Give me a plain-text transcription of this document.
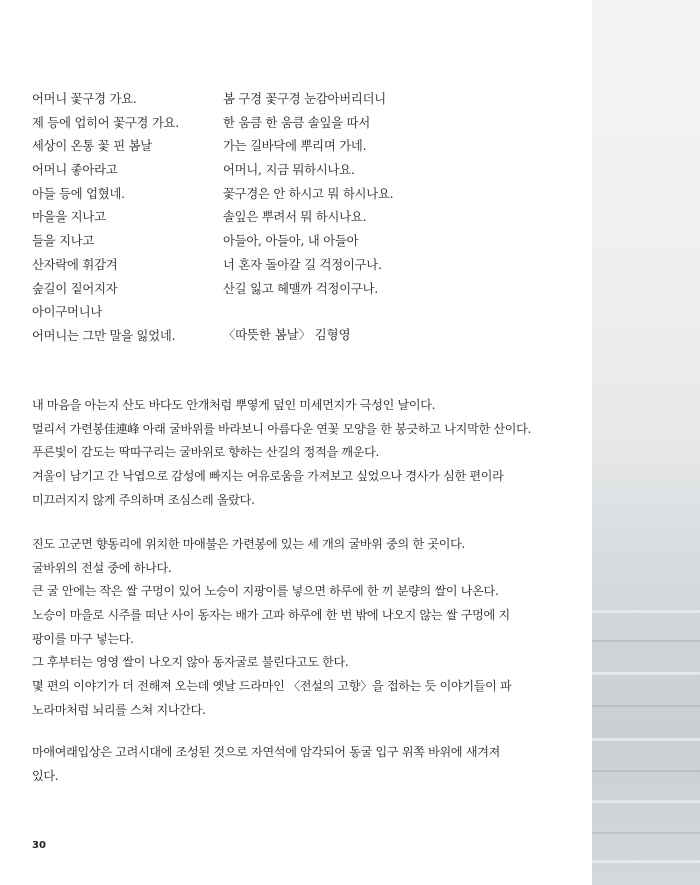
어머니 꽃구경 가요.
제 등에 업히어 꽃구경 가요.
세상이 온통 꽃 핀 봄날
어머니 좋아라고
아들 등에 업혔네.
마을을 지나고
들을 지나고
산자락에 휘감겨
숲길이 짙어지자
아이구머니나
어머니는 그만 말을 잃었네.
봄 구경 꽃구경 눈감아버리더니
한 움큼 한 움큼 솔잎을 따서
가는 길바닥에 뿌리며 가네.
어머니, 지금 뭐하시나요.
꽃구경은 안 하시고 뭐 하시나요.
솔잎은 뿌려서 뭐 하시나요.
아들아, 아들아, 내 아들아
너 혼자 돌아갈 길 걱정이구나.
산길 잃고 헤맬까 걱정이구나.
〈따뜻한 봄날〉 김형영
내 마음을 아는지 산도 바다도 안개처럼 뿌옇게 덮인 미세먼지가 극성인 날이다.
멀리서 가련봉佳連峰 아래 굴바위를 바라보니 아름다운 연꽃 모양을 한 봉긋하고 나지막한 산이다.
푸른빛이 감도는 딱따구리는 굴바위로 향하는 산길의 정적을 깨운다.
겨울이 남기고 간 낙엽으로 감성에 빠지는 여유로움을 가져보고 싶었으나 경사가 심한 편이라
미끄러지지 않게 주의하며 조심스레 올랐다.
진도 고군면 향동리에 위치한 마애불은 가련봉에 있는 세 개의 굴바위 중의 한 곳이다.
굴바위의 전설 중에 하나다.
큰 굴 안에는 작은 쌀 구멍이 있어 노승이 지팡이를 넣으면 하루에 한 끼 분량의 쌀이 나온다.
노승이 마을로 시주를 떠난 사이 동자는 배가 고파 하루에 한 번 밖에 나오지 않는 쌀 구멍에 지
팡이를 마구 넣는다.
그 후부터는 영영 쌀이 나오지 않아 동자굴로 불린다고도 한다.
몇 편의 이야기가 더 전해져 오는데 옛날 드라마인 〈전설의 고향〉을 접하는 듯 이야기들이 파
노라마처럼 뇌리를 스쳐 지나간다.
마애여래입상은 고려시대에 조성된 것으로 자연석에 암각되어 동굴 입구 위쪽 바위에 새겨져
있다.
30
